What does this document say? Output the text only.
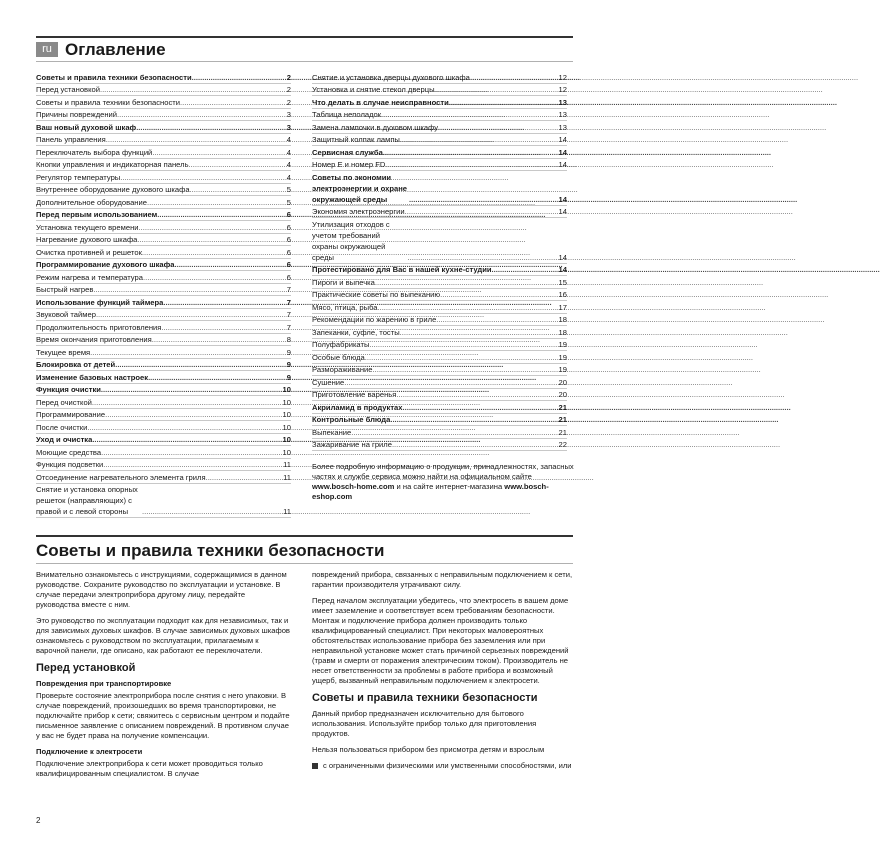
ru Оглавление
Советы и правила техники безопасности .....	2
Перед установкой .....	2
Советы и правила техники безопасности .....	2
Причины повреждений .....	3
Ваш новый духовой шкаф .....	3
Панель управления .....	4
Переключатель выбора функций .....	4
Кнопки управления и индикаторная панель .....	4
Регулятор температуры .....	4
Внутреннее оборудование духового шкафа .....	5
Дополнительное оборудование .....	5
Перед первым использованием .....	6
Установка текущего времени .....	6
Нагревание духового шкафа .....	6
Очистка противней и решеток .....	6
Программирование духового шкафа .....	6
Режим нагрева и температура .....	6
Быстрый нагрев .....	7
Использование функций таймера .....	7
Звуковой таймер .....	7
Продолжительность приготовления .....	7
Время окончания приготовления .....	8
Текущее время .....	9
Блокировка от детей .....	9
Изменение базовых настроек .....	9
Функция очистки .....	10
Перед очисткой .....	10
Программирование .....	10
После очистки .....	10
Уход и очистка .....	10
Моющие средства .....	10
Функция подсветки .....	11
Отсоединение нагревательного элемента гриля .....	11
Снятие и установка опорных решеток (направляющих) с правой и с левой стороны .....	11
Снятие и установка дверцы духового шкафа .....	12
Установка и снятие стекол дверцы .....	12
Что делать в случае неисправности .....	13
Таблица неполадок .....	13
Замена лампочки в духовом шкафу .....	13
Защитный колпак лампы .....	14
Сервисная служба .....	14
Номер E и номер FD .....	14
Советы по экономии электроэнергии и охране окружающей среды .....	14
Экономия электроэнергии .....	14
Утилизация отходов с учетом требований охраны окружающей среды .....	14
Протестировано для Вас в нашей кухне-студии .....	14
Пироги и выпечка .....	15
Практические советы по выпеканию .....	16
Мясо, птица, рыба .....	17
Рекомендации по жарению в гриле .....	18
Запеканки, суфле, тосты .....	18
Полуфабрикаты .....	19
Особые блюда .....	19
Размораживание .....	19
Сушение .....	20
Приготовление варенья .....	20
Акриламид в продуктах .....	21
Контрольные блюда .....	21
Выпекание .....	21
Зажаривание на гриле .....	22
Более подробную информацию о продукции, принадлежностях, запасных частях и службе сервиса можно найти на официальном сайте www.bosch-home.com и на сайте интернет-магазина www.bosch-eshop.com
Советы и правила техники безопасности

Внимательно ознакомьтесь с инструкциями, содержащимися в данном руководстве. Сохраните руководство по эксплуатации и установке. В случае передачи электроприбора другому лицу, передайте руководства вместе с ним.

Это руководство по эксплуатации подходит как для независимых, так и для зависимых духовых шкафов. В случае зависимых духовых шкафов ознакомьтесь с руководством по эксплуатации, прилагаемым к варочной панели, где описано, как работают ее переключатели.

Перед установкой
Повреждения при транспортировке

Проверьте состояние электроприбора после снятия с него упаковки. В случае повреждений, произошедших во время транспортировки, не подключайте прибор к сети; свяжитесь с сервисным центром и подайте письменное заявление с описанием повреждений. В противном случае у вас не будет права на получение компенсации.

Подключение к электросети

Подключение электроприбора к сети может проводиться только квалифицированным специалистом. В случае

повреждений прибора, связанных с неправильным подключением к сети, гарантии производителя утрачивают силу.

Перед началом эксплуатации убедитесь, что электросеть в вашем доме имеет заземление и соответствует всем требованиям безопасности. Монтаж и подключение прибора должен производить только квалифицированный специалист. При некоторых маловероятных обстоятельствах использование прибора без заземления или при неправильной установке может стать причиной серьезных повреждений (травм и смерти от поражения электрическим током). Производитель не несет ответственности за проблемы в работе прибора и возможный ущерб, вызванный неправильным подключением к электросети.

Советы и правила техники безопасности

Данный прибор предназначен исключительно для бытового использования. Используйте прибор только для приготовления продуктов.

Нельзя пользоваться прибором без присмотра детям и взрослым

с ограниченными физическими или умственными способностями, или
2
